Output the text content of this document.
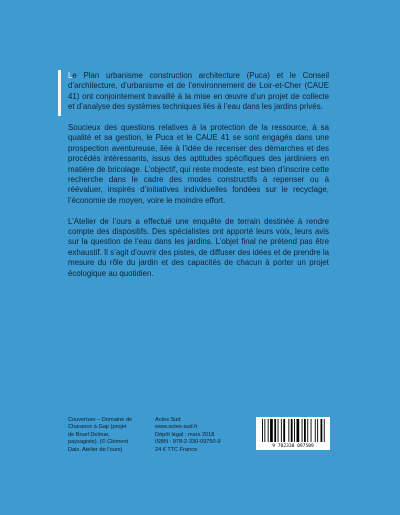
Le Plan urbanisme construction architecture (Puca) et le Conseil d’architecture, d’urbanisme et de l’environnement de Loir-et-Cher (CAUE 41) ont conjointement travaillé à la mise en œuvre d’un projet de collecte et d’analyse des systèmes techniques liés à l’eau dans les jardins privés.

Soucieux des questions relatives à la protection de la ressource, à sa qualité et sa gestion, le Puca et le CAUE 41 se sont engagés dans une prospection aventureuse, liée à l’idée de recenser des démarches et des procédés intéressants, issus des aptitudes spécifiques des jardiniers en matière de bricolage. L’objectif, qui reste modeste, est bien d’inscrire cette recherche dans le cadre des modes constructifs à repenser ou à réévaluer, inspirés d’initiatives individuelles fondées sur le recyclage, l’économie de moyen, voire le moindre effort.

L’Atelier de l’ours a effectué une enquête de terrain destinée à rendre compte des dispositifs. Des spécialistes ont apporté leurs voix, leurs avis sur la question de l’eau dans les jardins. L’objet final ne prétend pas être exhaustif. Il s’agit d’ouvrir des pistes, de diffuser des idées et de prendre la mesure du rôle du jardin et des capacités de chacun à porter un projet écologique au quotidien.

Couverture – Domaine de Charance à Gap (projet de Bruel Delmar, paysagiste). (© Clément Daix, Atelier de l’ours)
Actes Sud
www.actes-sud.fr
Dépôt légal : mars 2018
ISBN : 978-2-330-09750-9
24 € TTC France
9 782330 097509
